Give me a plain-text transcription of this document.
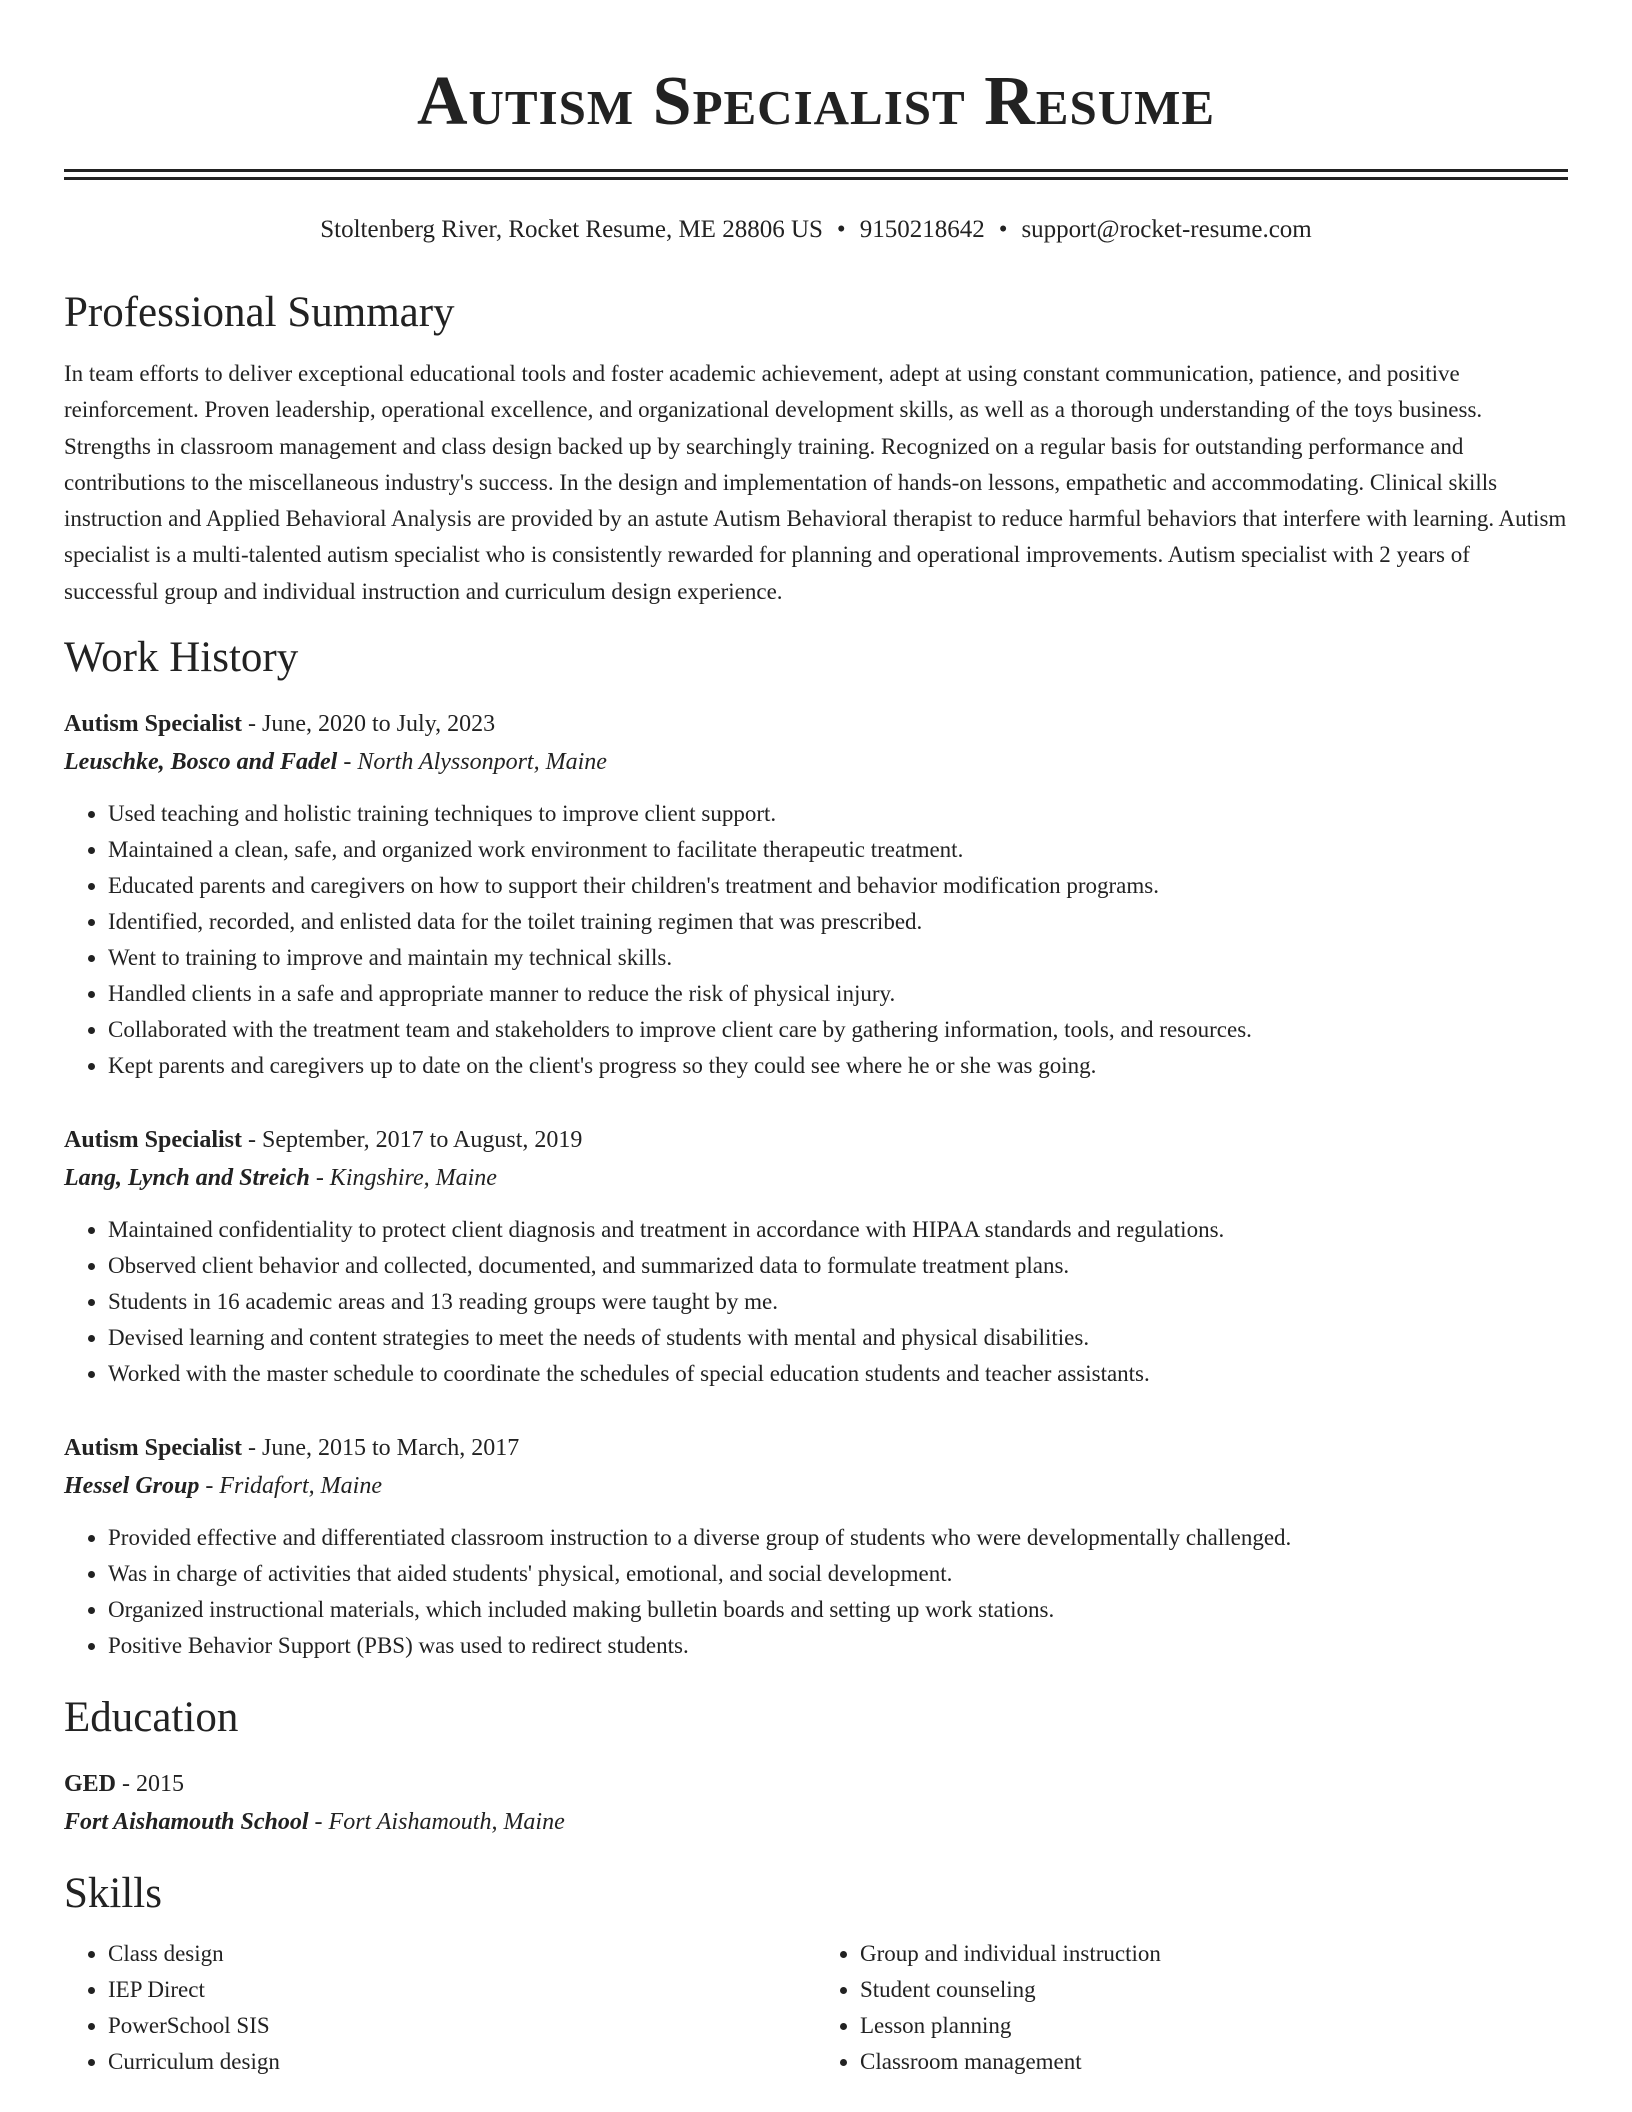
Autism Specialist Resume
Stoltenberg River, Rocket Resume, ME 28806 US • 9150218642 • support@rocket-resume.com
Professional Summary

In team efforts to deliver exceptional educational tools and foster academic achievement, adept at using constant communication, patience, and positive reinforcement. Proven leadership, operational excellence, and organizational development skills, as well as a thorough understanding of the toys business. Strengths in classroom management and class design backed up by searchingly training. Recognized on a regular basis for outstanding performance and contributions to the miscellaneous industry's success. In the design and implementation of hands-on lessons, empathetic and accommodating. Clinical skills instruction and Applied Behavioral Analysis are provided by an astute Autism Behavioral therapist to reduce harmful behaviors that interfere with learning. Autism specialist is a multi-talented autism specialist who is consistently rewarded for planning and operational improvements. Autism specialist with 2 years of successful group and individual instruction and curriculum design experience.

Work History
Autism Specialist - June, 2020 to July, 2023
Leuschke, Bosco and Fadel - North Alyssonport, Maine
• Used teaching and holistic training techniques to improve client support.
• Maintained a clean, safe, and organized work environment to facilitate therapeutic treatment.
• Educated parents and caregivers on how to support their children's treatment and behavior modification programs.
• Identified, recorded, and enlisted data for the toilet training regimen that was prescribed.
• Went to training to improve and maintain my technical skills.
• Handled clients in a safe and appropriate manner to reduce the risk of physical injury.
• Collaborated with the treatment team and stakeholders to improve client care by gathering information, tools, and resources.
• Kept parents and caregivers up to date on the client's progress so they could see where he or she was going.
Autism Specialist - September, 2017 to August, 2019
Lang, Lynch and Streich - Kingshire, Maine
• Maintained confidentiality to protect client diagnosis and treatment in accordance with HIPAA standards and regulations.
• Observed client behavior and collected, documented, and summarized data to formulate treatment plans.
• Students in 16 academic areas and 13 reading groups were taught by me.
• Devised learning and content strategies to meet the needs of students with mental and physical disabilities.
• Worked with the master schedule to coordinate the schedules of special education students and teacher assistants.
Autism Specialist - June, 2015 to March, 2017
Hessel Group - Fridafort, Maine
• Provided effective and differentiated classroom instruction to a diverse group of students who were developmentally challenged.
• Was in charge of activities that aided students' physical, emotional, and social development.
• Organized instructional materials, which included making bulletin boards and setting up work stations.
• Positive Behavior Support (PBS) was used to redirect students.
Education
GED - 2015
Fort Aishamouth School - Fort Aishamouth, Maine
Skills
• Class design
• IEP Direct
• PowerSchool SIS
• Curriculum design
• Group and individual instruction
• Student counseling
• Lesson planning
• Classroom management
